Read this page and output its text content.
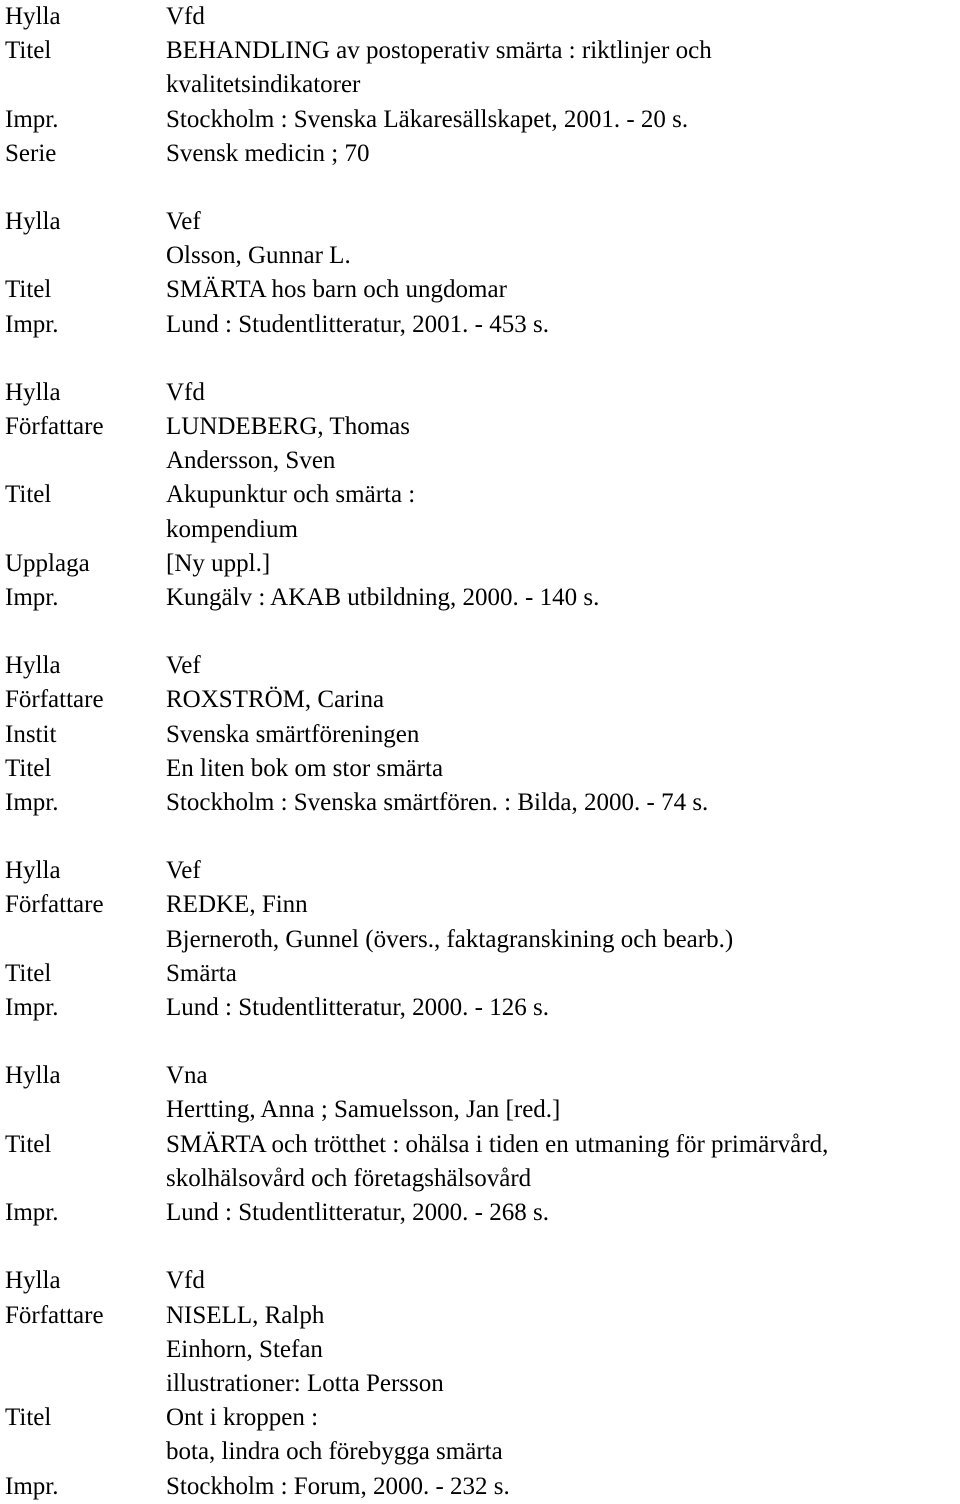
Hylla	Vfd
Titel	BEHANDLING av postoperativ smärta : riktlinjer och
kvalitetsindikatorer
Impr.	Stockholm : Svenska Läkaresällskapet, 2001. - 20 s.
Serie	Svensk medicin ; 70
Hylla	Vef
Olsson, Gunnar L.
Titel	SMÄRTA hos barn och ungdomar
Impr.	Lund : Studentlitteratur, 2001. - 453 s.
Hylla	Vfd
Författare	LUNDEBERG, Thomas
Andersson, Sven
Titel	Akupunktur och smärta :
kompendium
Upplaga	[Ny uppl.]
Impr.	Kungälv : AKAB utbildning, 2000. - 140 s.
Hylla	Vef
Författare	ROXSTRÖM, Carina
Instit	Svenska smärtföreningen
Titel	En liten bok om stor smärta
Impr.	Stockholm : Svenska smärtfören. : Bilda, 2000. - 74 s.
Hylla	Vef
Författare	REDKE, Finn
Bjerneroth, Gunnel (övers., faktagranskining och bearb.)
Titel	Smärta
Impr.	Lund : Studentlitteratur, 2000. - 126 s.
Hylla	Vna
Hertting, Anna ; Samuelsson, Jan [red.]
Titel	SMÄRTA och trötthet : ohälsa i tiden en utmaning för primärvård,
skolhälsovård och företagshälsovård
Impr.	Lund : Studentlitteratur, 2000. - 268 s.
Hylla	Vfd
Författare	NISELL, Ralph
Einhorn, Stefan
illustrationer: Lotta Persson
Titel	Ont i kroppen :
bota, lindra och förebygga smärta
Impr.	Stockholm : Forum, 2000. - 232 s.
